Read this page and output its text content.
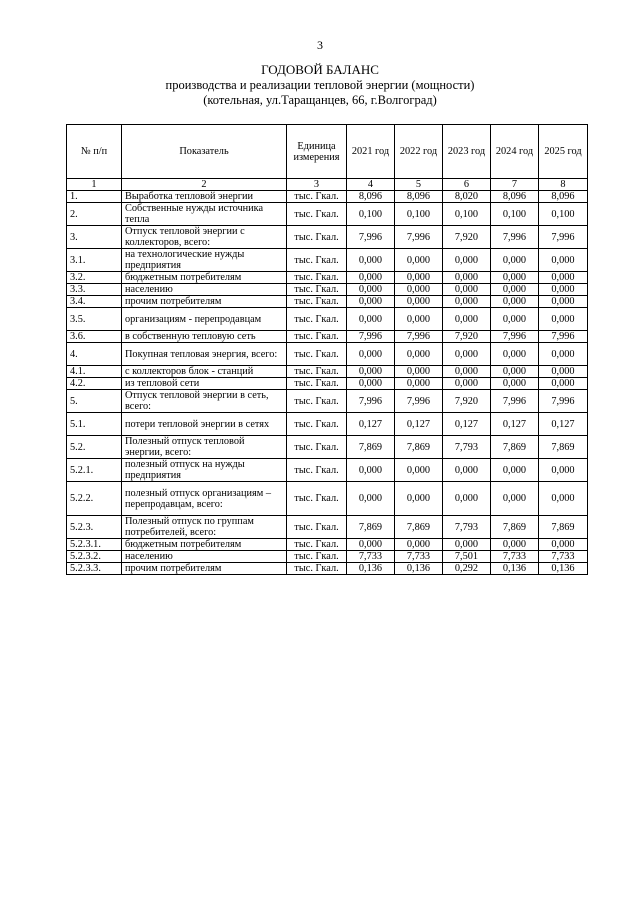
3
ГОДОВОЙ БАЛАНС
производства и реализации тепловой энергии (мощности)
(котельная, ул.Таращанцев, 66, г.Волгоград)
№ п/п	Показатель	Единица измерения	2021 год	2022 год	2023 год	2024 год	2025 год
1	2	3	4	5	6	7	8
1.	Выработка тепловой энергии	тыс. Гкал.	8,096	8,096	8,020	8,096	8,096
2.	Собственные нужды источника тепла	тыс. Гкал.	0,100	0,100	0,100	0,100	0,100
3.	Отпуск тепловой энергии с коллекторов, всего:	тыс. Гкал.	7,996	7,996	7,920	7,996	7,996
3.1.	на технологические нужды предприятия	тыс. Гкал.	0,000	0,000	0,000	0,000	0,000
3.2.	бюджетным потребителям	тыс. Гкал.	0,000	0,000	0,000	0,000	0,000
3.3.	населению	тыс. Гкал.	0,000	0,000	0,000	0,000	0,000
3.4.	прочим потребителям	тыс. Гкал.	0,000	0,000	0,000	0,000	0,000
3.5.	организациям - перепродавцам	тыс. Гкал.	0,000	0,000	0,000	0,000	0,000
3.6.	в собственную тепловую сеть	тыс. Гкал.	7,996	7,996	7,920	7,996	7,996
4.	Покупная тепловая энергия, всего:	тыс. Гкал.	0,000	0,000	0,000	0,000	0,000
4.1.	с коллекторов блок - станций	тыс. Гкал.	0,000	0,000	0,000	0,000	0,000
4.2.	из тепловой сети	тыс. Гкал.	0,000	0,000	0,000	0,000	0,000
5.	Отпуск тепловой энергии в сеть, всего:	тыс. Гкал.	7,996	7,996	7,920	7,996	7,996
5.1.	потери тепловой энергии в сетях	тыс. Гкал.	0,127	0,127	0,127	0,127	0,127
5.2.	Полезный отпуск тепловой энергии, всего:	тыс. Гкал.	7,869	7,869	7,793	7,869	7,869
5.2.1.	полезный отпуск на нужды предприятия	тыс. Гкал.	0,000	0,000	0,000	0,000	0,000
5.2.2.	полезный отпуск организациям – перепродавцам, всего:	тыс. Гкал.	0,000	0,000	0,000	0,000	0,000
5.2.3.	Полезный отпуск по группам потребителей, всего:	тыс. Гкал.	7,869	7,869	7,793	7,869	7,869
5.2.3.1.	бюджетным потребителям	тыс. Гкал.	0,000	0,000	0,000	0,000	0,000
5.2.3.2.	населению	тыс. Гкал.	7,733	7,733	7,501	7,733	7,733
5.2.3.3.	прочим потребителям	тыс. Гкал.	0,136	0,136	0,292	0,136	0,136
